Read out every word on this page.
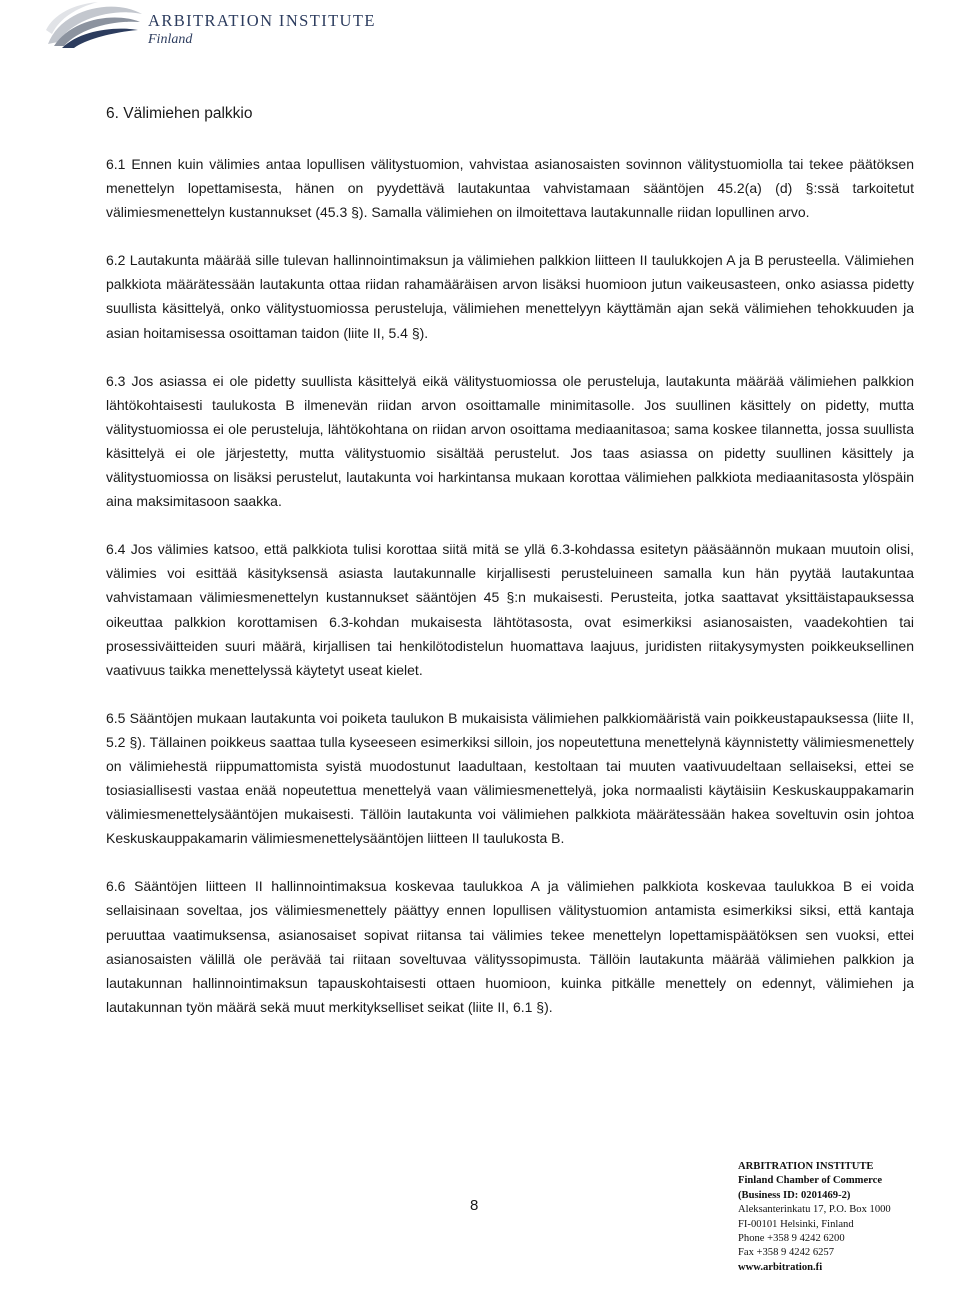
ARBITRATION INSTITUTE
Finland
6. Välimiehen palkkio

6.1 Ennen kuin välimies antaa lopullisen välitystuomion, vahvistaa asianosaisten sovinnon välitystuomiolla tai tekee päätöksen menettelyn lopettamisesta, hänen on pyydettävä lautakuntaa vahvistamaan sääntöjen 45.2(a) (d) §:ssä tarkoitetut välimiesmenettelyn kustannukset (45.3 §). Samalla välimiehen on ilmoitettava lautakunnalle riidan lopullinen arvo.

6.2 Lautakunta määrää sille tulevan hallinnointimaksun ja välimiehen palkkion liitteen II taulukkojen A ja B perusteella. Välimiehen palkkiota määrätessään lautakunta ottaa riidan rahamääräisen arvon lisäksi huomioon jutun vaikeusasteen, onko asiassa pidetty suullista käsittelyä, onko välitystuomiossa perusteluja, välimiehen menettelyyn käyttämän ajan sekä välimiehen tehokkuuden ja asian hoitamisessa osoittaman taidon (liite II, 5.4 §).

6.3 Jos asiassa ei ole pidetty suullista käsittelyä eikä välitystuomiossa ole perusteluja, lautakunta määrää välimiehen palkkion lähtökohtaisesti taulukosta B ilmenevän riidan arvon osoittamalle minimitasolle. Jos suullinen käsittely on pidetty, mutta välitystuomiossa ei ole perusteluja, lähtökohtana on riidan arvon osoittama mediaanitasoa; sama koskee tilannetta, jossa suullista käsittelyä ei ole järjestetty, mutta välitystuomio sisältää perustelut. Jos taas asiassa on pidetty suullinen käsittely ja välitystuomiossa on lisäksi perustelut, lautakunta voi harkintansa mukaan korottaa välimiehen palkkiota mediaanitasosta ylöspäin aina maksimitasoon saakka.

6.4 Jos välimies katsoo, että palkkiota tulisi korottaa siitä mitä se yllä 6.3-kohdassa esitetyn pääsäännön mukaan muutoin olisi, välimies voi esittää käsityksensä asiasta lautakunnalle kirjallisesti perusteluineen samalla kun hän pyytää lautakuntaa vahvistamaan välimiesmenettelyn kustannukset sääntöjen 45 §:n mukaisesti. Perusteita, jotka saattavat yksittäistapauksessa oikeuttaa palkkion korottamisen 6.3-kohdan mukaisesta lähtötasosta, ovat esimerkiksi asianosaisten, vaadekohtien tai prosessiväitteiden suuri määrä, kirjallisen tai henkilötodistelun huomattava laajuus, juridisten riitakysymysten poikkeuksellinen vaativuus taikka menettelyssä käytetyt useat kielet.

6.5 Sääntöjen mukaan lautakunta voi poiketa taulukon B mukaisista välimiehen palkkiomääristä vain poikkeustapauksessa (liite II, 5.2 §). Tällainen poikkeus saattaa tulla kyseeseen esimerkiksi silloin, jos nopeutettuna menettelynä käynnistetty välimiesmenettely on välimiehestä riippumattomista syistä muodostunut laadultaan, kestoltaan tai muuten vaativuudeltaan sellaiseksi, ettei se tosiasiallisesti vastaa enää nopeutettua menettelyä vaan välimiesmenettelyä, joka normaalisti käytäisiin Keskuskauppakamarin välimiesmenettelysääntöjen mukaisesti. Tällöin lautakunta voi välimiehen palkkiota määrätessään hakea soveltuvin osin johtoa Keskuskauppakamarin välimiesmenettelysääntöjen liitteen II taulukosta B.

6.6 Sääntöjen liitteen II hallinnointimaksua koskevaa taulukkoa A ja välimiehen palkkiota koskevaa taulukkoa B ei voida sellaisinaan soveltaa, jos välimiesmenettely päättyy ennen lopullisen välitystuomion antamista esimerkiksi siksi, että kantaja peruuttaa vaatimuksensa, asianosaiset sopivat riitansa tai välimies tekee menettelyn lopettamispäätöksen sen vuoksi, ettei asianosaisten välillä ole perävää tai riitaan soveltuvaa välityssopimusta. Tällöin lautakunta määrää välimiehen palkkion ja lautakunnan hallinnointimaksun tapauskohtaisesti ottaen huomioon, kuinka pitkälle menettely on edennyt, välimiehen ja lautakunnan työn määrä sekä muut merkitykselliset seikat (liite II, 6.1 §).

8
ARBITRATION INSTITUTE
Finland Chamber of Commerce
(Business ID: 0201469-2)
Aleksanterinkatu 17, P.O. Box 1000
FI-00101 Helsinki, Finland
Phone +358 9 4242 6200
Fax +358 9 4242 6257
www.arbitration.fi
